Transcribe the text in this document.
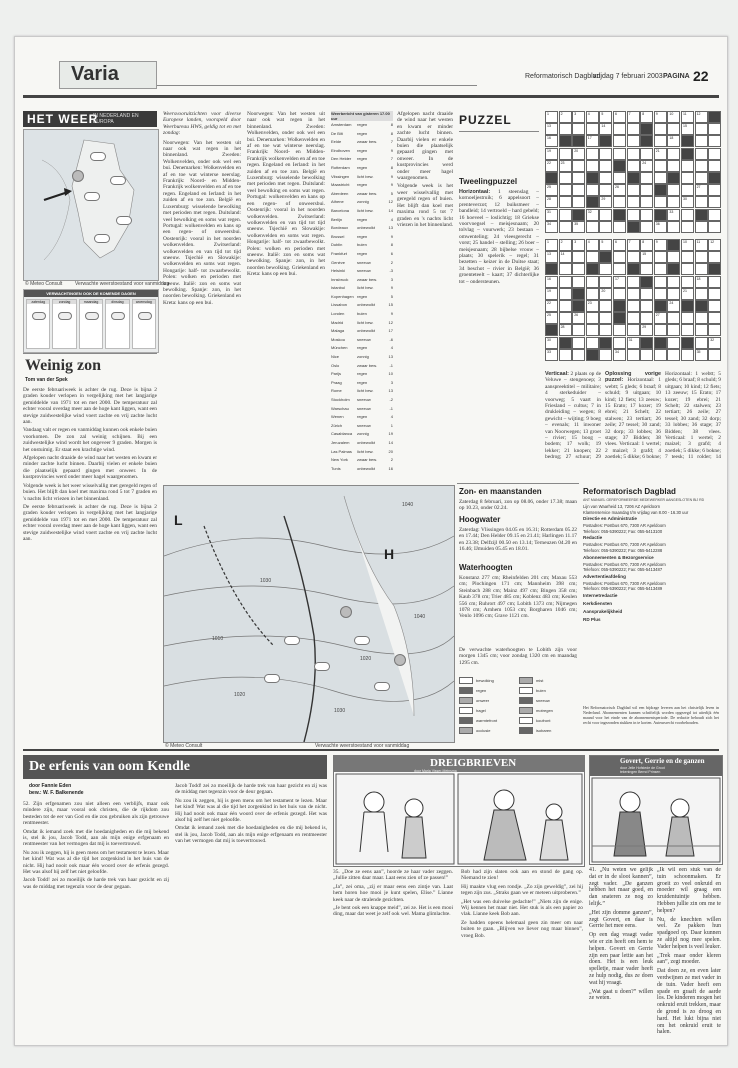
Varia	Reformatorisch Dagblad
vrijdag 7 februari 2003 PAGINA 22
HET WEER
IN NEDERLAND EN EUROPA
© Meteo Consult	Verwachte weerstoestand voor vanmiddag
VERWACHTINGEN OOK DE KOMENDE DAGEN
zaterdag	zondag	maandag	dinsdag	woensdag
Weinig zon
Tom van der Spek

De eerste februariweek is achter de rug. Deze is bijna 2 graden kouder verlopen in vergelijking met het langjarige gemiddelde van 1971 tot en met 2000. De temperatuur zal echter vooral overdag meer aan de hoge kant liggen, want een stevige zuidwestelijke wind voert zachte en vrij zachte lucht aan.

Vandaag valt er regen en vanmiddag kunnen ook enkele buien voorkomen. De zon zal weinig schijnen. Bij een zuidwestelijke wind wordt het ongeveer 9 graden. Morgen is het onstuimig. Er staat een krachtige wind.

Afgelopen nacht draaide de wind naar het westen en kwam er minder zachte lucht binnen. Daarbij vielen er enkele buien die plaatselijk gepaard gingen met onweer. In de kustprovincies werd onder meer hagel waargenomen.

Volgende week is het weer wisselvallig met geregeld regen of buien. Het blijft dan koel met maxima rond 5 tot 7 graden en 's nachts licht vriezen in het binnenland.

De eerste februariweek is achter de rug. Deze is bijna 2 graden kouder verlopen in vergelijking met het langjarige gemiddelde van 1971 tot en met 2000. De temperatuur zal echter vooral overdag meer aan de hoge kant liggen, want een stevige zuidwestelijke wind voert zachte en vrij zachte lucht aan.

Weersvooruitzichten voor diverse Europese landen, voorspeld door Weerbureau HWS, geldig tot en met zondag:

Noorwegen: Van het westen uit naar ook wat regen in het binnenland. Zweden: Wolkenvelden, onder ook wel een bui. Denemarken: Wolkenvelden en af en toe wat winterse neerslag. Frankrijk: Noord- en Midden-Frankrijk wolkenvelden en af en toe regen. Engeland en Ierland: in het zuiden af en toe zon. België en Luxemburg: wisselende bewolking met perioden met regen. Duitsland: veel bewolking en soms wat regen. Portugal: wolkenvelden en kans op een regen- of onweersbui. Oostenrijk: vooral in het noorden wolkenvelden. Zwitserland: wolkenvelden en van tijd tot tijd sneeuw. Tsjechië en Slowakije: wolkenvelden en soms wat regen. Hongarije: half- tot zwaarbewolkt. Polen: wolken en perioden met sneeuw. Italië: zon en soms wat bewolking. Spanje: zon, in het noorden bewolking. Griekenland en Kreta: kans op een bui.

Noorwegen: Van het westen uit naar ook wat regen in het binnenland. Zweden: Wolkenvelden, onder ook wel een bui. Denemarken: Wolkenvelden en af en toe wat winterse neerslag. Frankrijk: Noord- en Midden-Frankrijk wolkenvelden en af en toe regen. Engeland en Ierland: in het zuiden af en toe zon. België en Luxemburg: wisselende bewolking met perioden met regen. Duitsland: veel bewolking en soms wat regen. Portugal: wolkenvelden en kans op een regen- of onweersbui. Oostenrijk: vooral in het noorden wolkenvelden. Zwitserland: wolkenvelden en van tijd tot tijd sneeuw. Tsjechië en Slowakije: wolkenvelden en soms wat regen. Hongarije: half- tot zwaarbewolkt. Polen: wolken en perioden met sneeuw. Italië: zon en soms wat bewolking. Spanje: zon, in het noorden bewolking. Griekenland en Kreta: kans op een bui.

Weerbericht van gisteren 17.00 uur
Amsterdam	regen	8
De Bilt	regen	8
Eelde	zwaar bew.	7
Eindhoven	regen	9
Den Helder	regen	7
Rotterdam	regen	8
Vlissingen	licht bew.	9
Maastricht	regen	9
Aberdeen	zwaar bew.	5
Athene	zonnig	12
Barcelona	licht bew.	14
Berlijn	regen	4
Bordeaux	onbewolkt	13
Brussel	regen	9
Dublin	buien	8
Frankfurt	regen	6
Genève	sneeuw	2
Helsinki	sneeuw	-3
Innsbruck	zwaar bew.	3
Istanbul	licht bew.	9
Kopenhagen regen	5
Lissabon	onbewolkt	15
Londen	buien	9
Madrid	licht bew.	12
Malaga	onbewolkt	17
Moskou	sneeuw	-6
München	regen	4
Nice	zonnig	13
Oslo	zwaar bew.	-1
Parijs	regen	10
Praag	regen	3
Rome	licht bew.	13
Stockholm	sneeuw	-2
Warschau	sneeuw	-1
Wenen	regen	4
Zürich	sneeuw	1
Casablanca	zonnig	19
Jeruzalem	onbewolkt	14
Las Palmas	licht bew.	20
New York	zwaar bew.	2
Tunis	onbewolkt	16

Afgelopen nacht draaide de wind naar het westen en kwam er minder zachte lucht binnen. Daarbij vielen er enkele buien die plaatselijk gepaard gingen met onweer. In de kustprovincies werd onder meer hagel waargenomen.

Volgende week is het weer wisselvallig met geregeld regen of buien. Het blijft dan koel met maxima rond 5 tot 7 graden en 's nachts licht vriezen in het binnenland.

L
H
1040
1040
1030
1010
1020
1030
1020
© Meteo Consult	Verwachte weerstoestand voor vanmiddag
Zon- en maanstanden
Zaterdag 8 februari, zon op 08.06, onder 17.38; maan op 10.23, onder 02.24.
Hoogwater
Zaterdag: Vlissingen 04.05 en 16.31; Rotterdam 05.22 en 17.44; Den Helder 09.15 en 21.41; Harlingen 11.17 en 23.38; Delfzijl 00.50 en 13.14; Terneuzen 04.20 en 16.46; IJmuiden 05.45 en 18.01.
Waterhoogten
Konstanz 277 cm; Rheinfelden 201 cm; Maxau 553 cm; Plochingen 171 cm; Mannheim 398 cm; Steinbach 288 cm; Mainz 497 cm; Bingen 358 cm; Kaub 378 cm; Trier 485 cm; Koblenz 483 cm; Keulen 556 cm; Ruhrort 497 cm; Lobith 1373 cm; Nijmegen 1078 cm; Arnhem 1053 cm; Borgharen 1046 cm; Venlo 1096 cm; Grave 1121 cm.
De verwachte waterhoogten te Lobith zijn voor morgen 1345 cm; voor zondag 1320 cm en maandag 1295 cm.
bewolking	mist
regen	buien
onweer	sneeuw
hagel	motregen
warmtefront	koufront
occlusie	isobaren
Reformatorisch Dagblad
ANT MANUEL GEREFORMEERDE MEDEWERKER AANGESLOTEN BIJ RD
Lijn van Waarheid 13, 7206 AZ Apeldoorn
Klantenservice maandag t/m vrijdag van 8.00 - 16.30 uur
Directie en Administratie
Postadres: Postbus 670, 7300 AR Apeldoorn
Telefoon: 055-5390222; Fax: 055-5413100
Redactie
Postadres: Postbus 670, 7300 AR Apeldoorn
Telefoon: 055-5390222; Fax: 055-5412288
Abonnementen & Bezorgservice
Postadres: Postbus 670, 7300 AR Apeldoorn
Telefoon: 055-5390222; Fax: 055-5413487
Advertentieafdeling
Postadres: Postbus 670, 7300 AR Apeldoorn
Telefoon: 055-5390222; Fax: 055-5413489
Internetredactie
Kerkdiensten
Aansprakelijkheid
RD Plus
Het Reformatorisch Dagblad wil een bijdrage leveren aan het christelijk leven in Nederland. Abonnementen kunnen schriftelijk worden opgezegd tot uiterlijk één maand voor het einde van de abonnementsperiode. De redactie behoudt zich het recht voor ingezonden stukken in te korten. Auteursrecht voorbehouden.
PUZZEL
Tweelingpuzzel
Horizontaal: 1 steenslag – kornoeljestruik; 6 appelsoort – prenteverzot; 12 buiksmeer – bandleid; 14 vertroeld – hard gebeld; 16 hoeveel – loslichtig; 18 Griekse voorvoegsel – meisjesnaam; 20 tolvlag – vuurwerk; 23 bestaan – omwenteling; 24 vleesgerecht – vorst; 25 handel – stelling; 26 boer – meisjesnaam; 28 bijbelse vrouw – plaats; 30 spelerik – regel; 31 bezetten – keizer in de Duitse staat; 34 beschot – rivier in België; 36 groenteteelt – kaart; 37 dichterlijke tot – ondersteunen.
Verticaal: 2 plaats op de Veluwe – stengenoep; 3 aanspreektitel – militaire; 4 sterkeduider – voorweg; 5 vaart in Friesland – cultus; 7 in drukleiding – wegen; 8 gewicht – wijting; 9 boeg – evenals; 11 inwoner van Noorwegen; 13 groet – rivier; 15 boog – bodem; 17 wolk; 19 lekker; 21 knopen; 22 bedrog; 27 schuur; 29
Oplossing vorige puzzel: Horizontaal: 1 webtt; 5 gleds; 6 braaf; 8 schuld; 9 uitgaan; 10 kind; 12 fiets; 13 zeeuw; 15 Erato; 17 kozer; 19 ebrei; 21 Schelt; 22 stalwen; 23 tertiart; 26 zeile; 27 tessel; 30 zand; 32 dorp; 33 lobbes; 36 stage; 37 Bidden; 38 vlees. Verticaal: 1 wertel; 2 maizel; 3 grafd; 4 zoetlek; 5 dikke; 6 bokne;
Horizontaal: 1 webtt; 5 gleds; 6 braaf; 8 schuld; 9 uitgaan; 10 kind; 12 fiets; 13 zeeuw; 15 Erato; 17 kozer; 19 ebrei; 21 Schelt; 22 stalwen; 23 tertiart; 26 zeile; 27 tessel; 30 zand; 32 dorp; 33 lobbes; 36 stage; 37 Bidden; 38 vlees. Verticaal: 1 wertel; 2 maizel; 3 grafd; 4 zoetlek; 5 dikke; 6 bokne; 7 teesk; 11 rolder; 14
1	2	3	4	5	6	7	8	9	10	11	12
13	14	15
16	17	18
19	20	21
22	23	24
25	26	27
28	29	30
31	32	33
34	35	36
1	2	3	4	5	6	7	8	9	10	11	12
13	14	15
16	17	18
19	20	21
22	23	24
25	26	27
28	29
30	31	32
33	34	35
De erfenis van oom Kendle
door Fannie Eden
bew.: W. F. Balkenende

52. Zijn erfgenamen zou niet alleen een verblijfs, maar ook mindere zijn, maar vooral ook christen, die de rijkdom zou besteden tot de eer van God en die zou gebruiken als zijn getrouwe rentmeester.

Omdat ik iemand zoek met die hoedanigheden en die mij bekend is, stel ik jou, Jacob Todd, aan als mijn enige erfgenaam en rentmeester van het vermogen dat mij is toevertrouwd.

Nu zou ik zeggen, hij is geen mens om het testament te lezen. Maar het kind! Wat was al die tijd het zorgenkind in het huis van de nicht. Hij had nooit ook maar één woord over de erfenis gezegd. Het was alsof hij zelf het niet geloofde.

Jacob Todd! zei zo moeilijk de harde trek van haar gezicht en zij was de middag met tegenzin voor de deur gegaan.

Jacob Todd! zei zo moeilijk de harde trek van haar gezicht en zij was de middag met tegenzin voor de deur gegaan.

Nu zou ik zeggen, hij is geen mens om het testament te lezen. Maar het kind! Wat was al die tijd het zorgenkind in het huis van de nicht. Hij had nooit ook maar één woord over de erfenis gezegd. Het was alsof hij zelf het niet geloofde.

Omdat ik iemand zoek met die hoedanigheden en die mij bekend is, stel ik jou, Jacob Todd, aan als mijn enige erfgenaam en rentmeester van het vermogen dat mij is toevertrouwd.

DREIGBRIEVEN
door Marja Visser-Meinsma

35. „Doe ze eens aan”, hoorde ze haar vader zeggen. „Jullie zitten daar maar. Laat eens zien of ze passen!”

„Ja”, zei oma, „zij er maar eens een zintje van. Laat hem horen hoe mooi je kunt spelen, Elise.” Lianne keek naar de stralende gezichten.

„Je bent ook een knappe meid”, zei ze. Het is een mooi ding, maar dat weet je zelf ook wel. Mama glimlachte.

Bob had zijn slaten ook aan en stond de gang op. Niemand te zien!

Hij maakte vlug een rondje. „Zo zijn geweldig”, zei hij tegen zijn zus. „Straks gaan we er meteen uitproberen.”

„Het was een duivelse gedachte!” „Niets zijn de enige. Wij kennen het maar niet. Het stuk is als een papier zo vlak. Lianne keek Bob aan.

Ze hadden opeens helemaal geen zin meer om naar buiten te gaan. „Blijven we liever nog maar binnen”, vroeg Bob.

Govert, Gerrie en de ganzen
door Jelle Hofstede de Groot
tekeningen Bernd Prinsen

41. „Nu weten we gelijk dat er in de sloot kannen”, zegt vader. „De ganzen hebben het maar goed, en dan snateren ze nog zo lelijk.”

„Het zijn domme ganzen”, zegt Govert, en daar is Gerrie het mee eens.

Op een dag vraagt vader wie er zin heeft om hem te helpen. Govert en Gerrie zijn een paar lettie aan het doen. Het is een leuk spelletje, maar vader heeft ze hulp nodig, dus ze doen wat hij vraagt.

„Wat gaat u doen?” willen ze weten.

„Ik wil een stuk van de tuin schoonmaken. Er groeit zo veel onkruid en moeder wil graag een kruidentuintje hebben. Hebben jullie zin om me te helpen?

Nu, de knechten willen wel. Ze pakken hun spadgoed op. Daar kunnen ze altijd nog mee spelen. Vader helpen is veel leuker.

„Trek maar onder kleren aan”, zegt moeder.

Dat doen ze, en even later verdwijnen ze met vader in de tuin. Vader heeft een spade en graaft de aarde los. De kinderen mogen het onkruid eruit trekken, maar de grond is zo droog en hard. Het lukt bijna niet om het onkruid eruit te halen.
